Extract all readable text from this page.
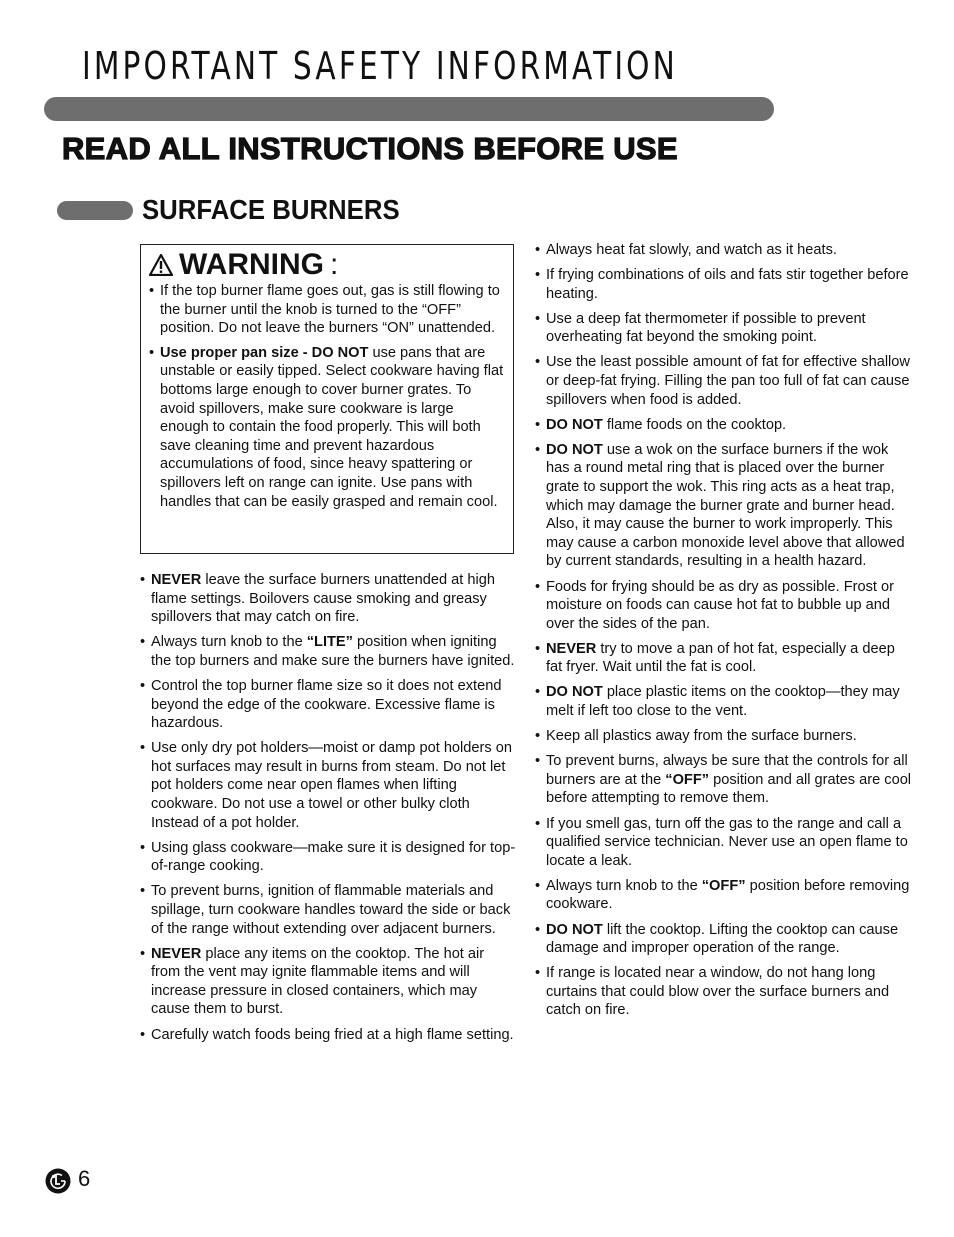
IMPORTANT SAFETY INFORMATION
READ ALL INSTRUCTIONS BEFORE USE
SURFACE BURNERS
WARNING :
• If the top burner flame goes out, gas is still flowing to the burner until the knob is turned to the “OFF” position. Do not leave the burners “ON” unattended.
• Use proper pan size - DO NOT use pans that are unstable or easily tipped. Select cookware having flat bottoms large enough to cover burner grates. To avoid spillovers, make sure cookware is large enough to contain the food properly. This will both save cleaning time and prevent hazardous accumulations of food, since heavy spattering or spillovers left on range can ignite. Use pans with handles that can be easily grasped and remain cool.
• NEVER leave the surface burners unattended at high flame settings. Boilovers cause smoking and greasy spillovers that may catch on fire.
• Always turn knob to the “LITE” position when igniting the top burners and make sure the burners have ignited.
• Control the top burner flame size so it does not extend beyond the edge of the cookware. Excessive flame is hazardous.
• Use only dry pot holders—moist or damp pot holders on hot surfaces may result in burns from steam. Do not let pot holders come near open flames when lifting cookware. Do not use a towel or other bulky cloth Instead of a pot holder.
• Using glass cookware—make sure it is designed for top-of-range cooking.
• To prevent burns, ignition of flammable materials and spillage, turn cookware handles toward the side or back of the range without extending over adjacent burners.
• NEVER place any items on the cooktop. The hot air from the vent may ignite flammable items and will increase pressure in closed containers, which may cause them to burst.
• Carefully watch foods being fried at a high flame setting.
• Always heat fat slowly, and watch as it heats.
• If frying combinations of oils and fats stir together before heating.
• Use a deep fat thermometer if possible to prevent overheating fat beyond the smoking point.
• Use the least possible amount of fat for effective shallow or deep-fat frying. Filling the pan too full of fat can cause spillovers when food is added.
• DO NOT flame foods on the cooktop.
• DO NOT use a wok on the surface burners if the wok has a round metal ring that is placed over the burner grate to support the wok. This ring acts as a heat trap, which may damage the burner grate and burner head. Also, it may cause the burner to work improperly. This may cause a carbon monoxide level above that allowed by current standards, resulting in a health hazard.
• Foods for frying should be as dry as possible. Frost or moisture on foods can cause hot fat to bubble up and over the sides of the pan.
• NEVER try to move a pan of hot fat, especially a deep fat fryer. Wait until the fat is cool.
• DO NOT place plastic items on the cooktop—they may melt if left too close to the vent.
• Keep all plastics away from the surface burners.
• To prevent burns, always be sure that the controls for all burners are at the “OFF” position and all grates are cool before attempting to remove them.
• If you smell gas, turn off the gas to the range and call a qualified service technician. Never use an open flame to locate a leak.
• Always turn knob to the “OFF” position before removing cookware.
• DO NOT lift the cooktop. Lifting the cooktop can cause damage and improper operation of the range.
• If range is located near a window, do not hang long curtains that could blow over the surface burners and catch on fire.
6
